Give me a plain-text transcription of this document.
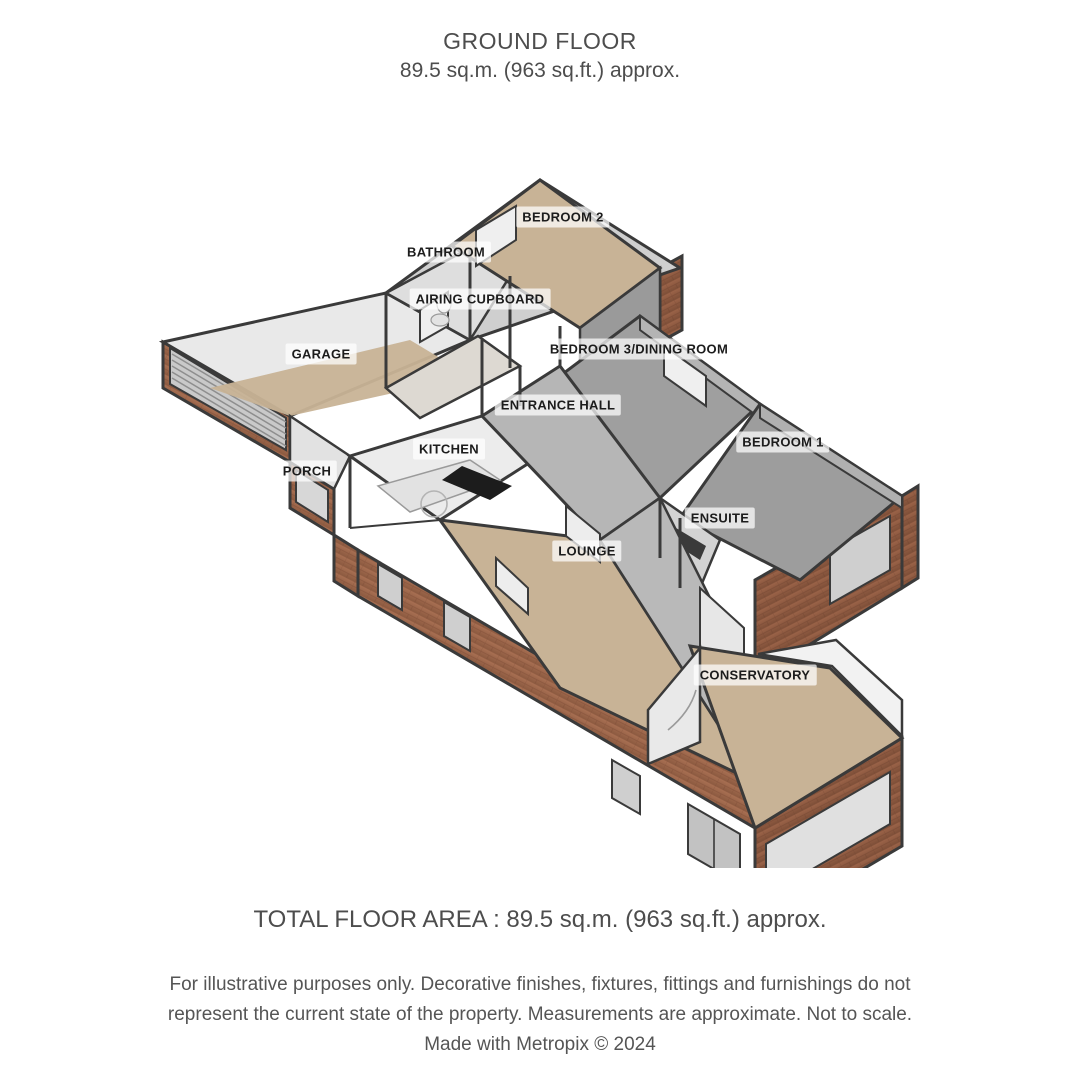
GROUND FLOOR
89.5 sq.m. (963 sq.ft.) approx.
GARAGE
PORCH
BATHROOM
BEDROOM 2
AIRING CUPBOARD
BEDROOM 3/DINING ROOM
ENTRANCE HALL
KITCHEN	BEDROOM 1
ENSUITE
LOUNGE
CONSERVATORY
TOTAL FLOOR AREA : 89.5 sq.m. (963 sq.ft.) approx.
For illustrative purposes only. Decorative finishes, fixtures, fittings and furnishings do not
represent the current state of the property. Measurements are approximate. Not to scale.
Made with Metropix © 2024
